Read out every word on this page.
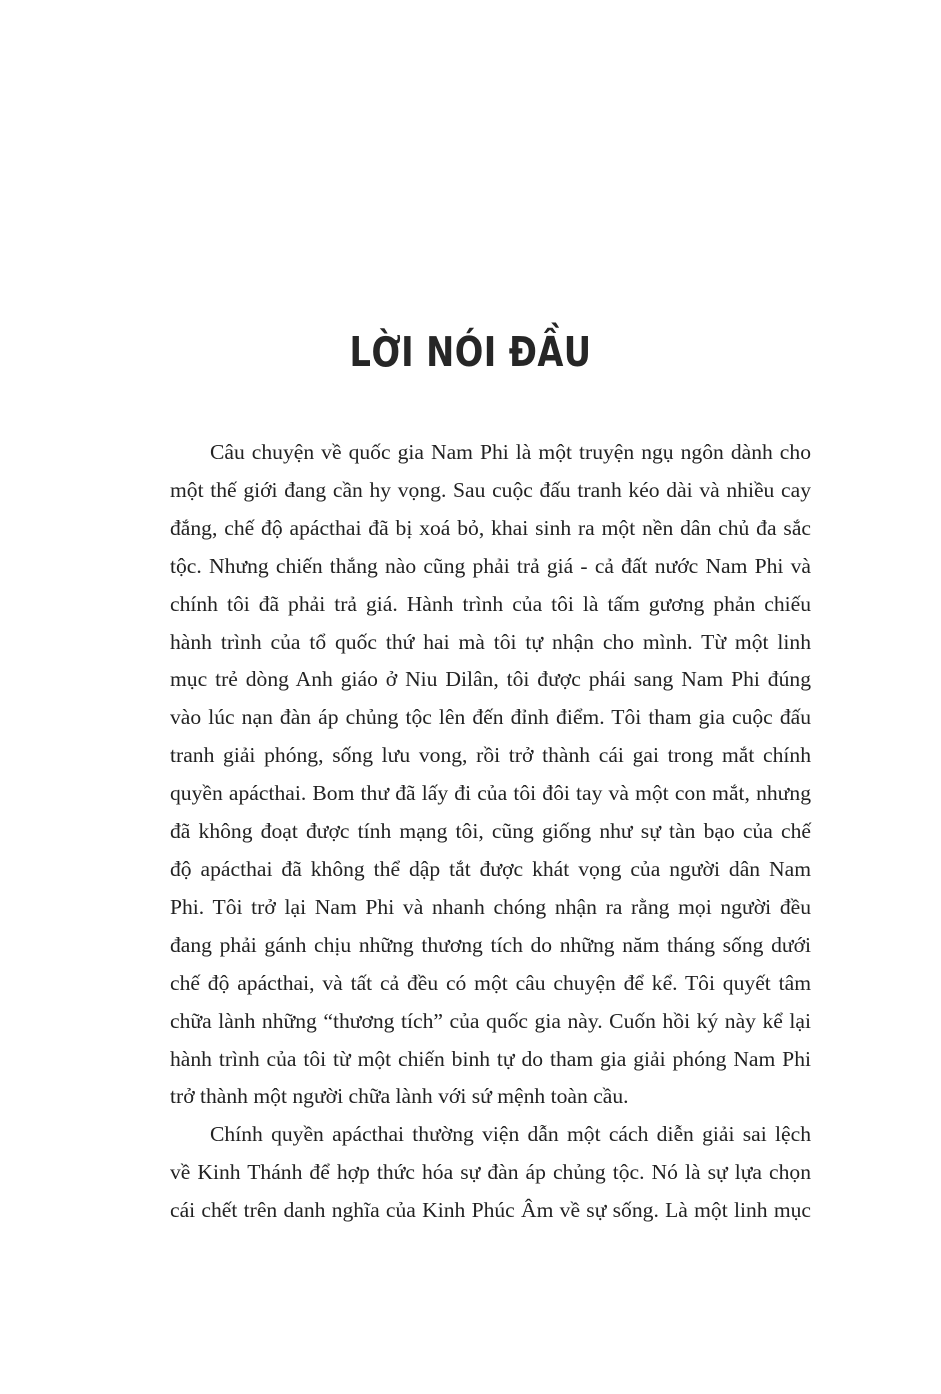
LỜI NÓI ĐẦU
Câu chuyện về quốc gia Nam Phi là một truyện ngụ ngôn dành cho
một thế giới đang cần hy vọng. Sau cuộc đấu tranh kéo dài và nhiều cay
đắng, chế độ apácthai đã bị xoá bỏ, khai sinh ra một nền dân chủ đa sắc
tộc. Nhưng chiến thắng nào cũng phải trả giá - cả đất nước Nam Phi và
chính tôi đã phải trả giá. Hành trình của tôi là tấm gương phản chiếu
hành trình của tổ quốc thứ hai mà tôi tự nhận cho mình. Từ một linh
mục trẻ dòng Anh giáo ở Niu Dilân, tôi được phái sang Nam Phi đúng
vào lúc nạn đàn áp chủng tộc lên đến đỉnh điểm. Tôi tham gia cuộc đấu
tranh giải phóng, sống lưu vong, rồi trở thành cái gai trong mắt chính
quyền apácthai. Bom thư đã lấy đi của tôi đôi tay và một con mắt, nhưng
đã không đoạt được tính mạng tôi, cũng giống như sự tàn bạo của chế
độ apácthai đã không thể dập tắt được khát vọng của người dân Nam
Phi. Tôi trở lại Nam Phi và nhanh chóng nhận ra rằng mọi người đều
đang phải gánh chịu những thương tích do những năm tháng sống dưới
chế độ apácthai, và tất cả đều có một câu chuyện để kể. Tôi quyết tâm
chữa lành những “thương tích” của quốc gia này. Cuốn hồi ký này kể lại
hành trình của tôi từ một chiến binh tự do tham gia giải phóng Nam Phi
trở thành một người chữa lành với sứ mệnh toàn cầu.
Chính quyền apácthai thường viện dẫn một cách diễn giải sai lệch
về Kinh Thánh để hợp thức hóa sự đàn áp chủng tộc. Nó là sự lựa chọn
cái chết trên danh nghĩa của Kinh Phúc Âm về sự sống. Là một linh mục
